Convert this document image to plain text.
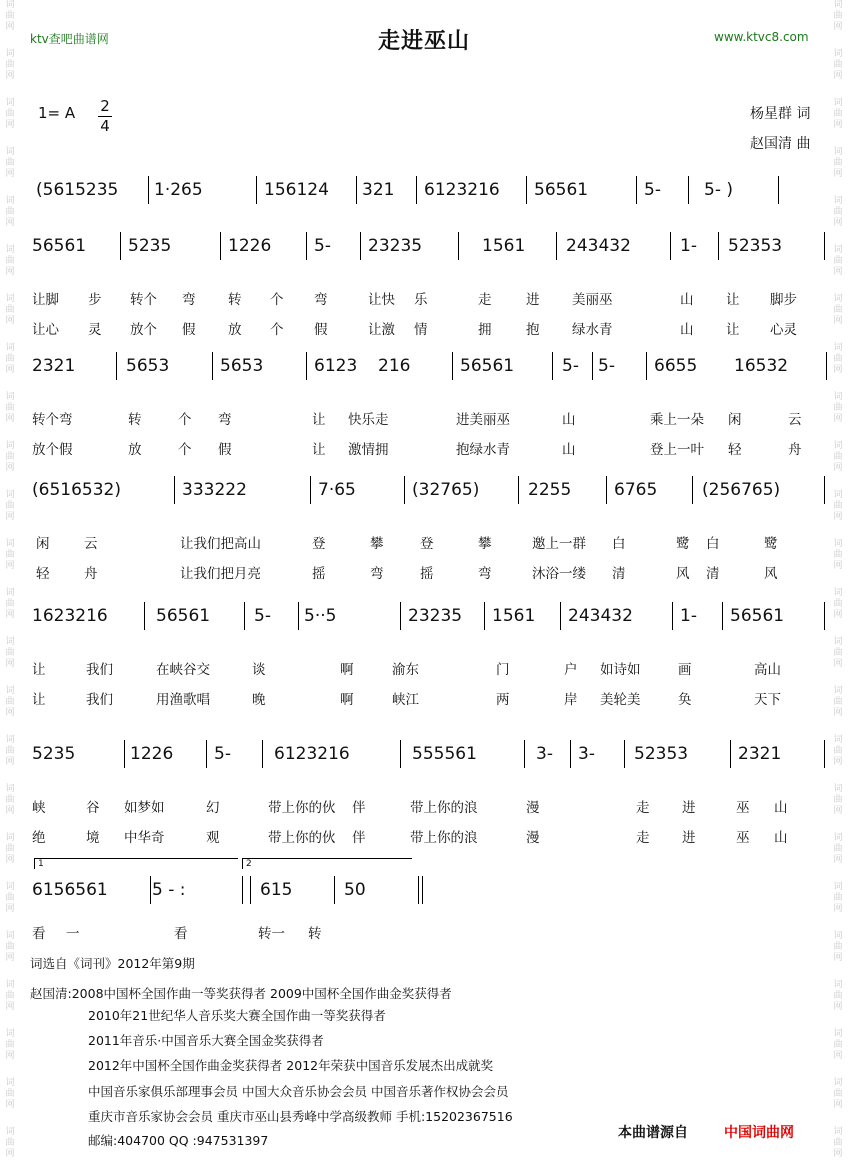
词曲网
词曲网
词曲网
词曲网
词曲网
词曲网
词曲网
词曲网
词曲网
词曲网
词曲网
词曲网
词曲网
词曲网
词曲网
词曲网
词曲网
词曲网
词曲网
词曲网
词曲网
词曲网
词曲网
词曲网
词曲网
词曲网
词曲网
词曲网
词曲网
词曲网
词曲网
词曲网
词曲网
词曲网
词曲网
词曲网
词曲网
词曲网
词曲网
词曲网
词曲网
词曲网
词曲网
词曲网
词曲网
词曲网
词曲网
词曲网
ktv查吧曲谱网	走进巫山	www.ktvc8.com
1= A 2
4
杨星群 词
赵国清 曲
(5615235 1·265	156124 321 6123216 56561	5-	5- )
56561 5235	1226	5- 23235	1561 243432	1- 52353
让脚 步 转个 弯 转 个 弯	让快 乐	走	进 美丽巫	山 让 脚步
让心 灵 放个 假 放 个 假	让激 情	拥	抱 绿水青	山 让 心灵
2321	5653	5653	6123 216	56561	5- 5- 6655 16532
转个弯	转	个 弯	让 快乐走	进美丽巫	山	乘上一朵 闲	云
放个假	放	个 假	让 激情拥	抱绿水青	山	登上一叶 轻	舟
(6516532)	333222	7·65	(32765)	2255	6765	(256765)
闲	云	让我们把高山	登	攀	登	攀	邀上一群 白	鹭 白	鹭
轻	舟	让我们把月亮	摇	弯	摇	弯	沐浴一缕 清	风 清	风
1623216	56561	5- 5··5	23235 1561 243432	1- 56561
让	我们	在峡谷交	谈	啊	渝东	门	户 如诗如	画	高山
让	我们	用渔歌唱	晚	啊	峡江	两	岸 美轮美	奂	天下
5235	1226 5-	6123216	555561	3- 3- 52353	2321
峡	谷 如梦如	幻	带上你的伙 伴	带上你的浪	漫	走 进	巫 山
绝	境 中华奇	观	带上你的伙 伴	带上你的浪	漫	走 进	巫 山
6156561	5 - :	615	50
看 一	看	转一 转
1	2
词选自《词刊》2012年第9期
赵国清:2008中国杯全国作曲一等奖获得者 2009中国杯全国作曲金奖获得者
2010年21世纪华人音乐奖大赛全国作曲一等奖获得者
2011年音乐·中国音乐大赛全国金奖获得者
2012年中国杯全国作曲金奖获得者 2012年荣获中国音乐发展杰出成就奖
中国音乐家俱乐部理事会员 中国大众音乐协会会员 中国音乐著作权协会会员
重庆市音乐家协会会员 重庆市巫山县秀峰中学高级教师 手机:15202367516
邮编:404700 QQ :947531397	本曲谱源自	中国词曲网
